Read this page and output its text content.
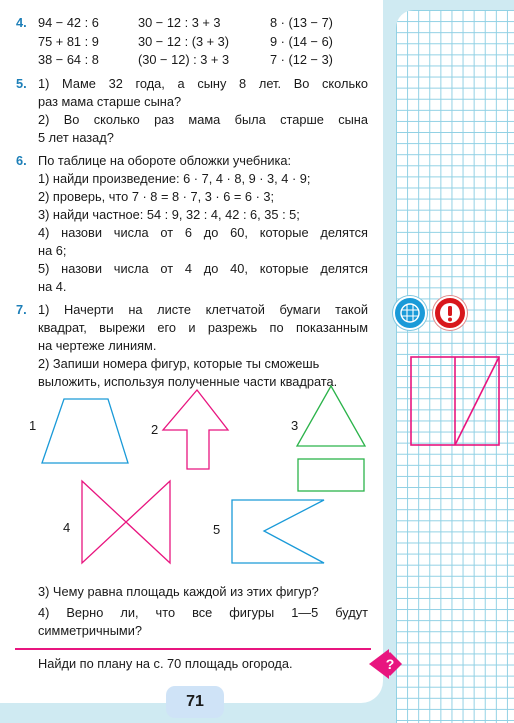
4. 94 − 42 : 6	30 − 12 : 3 + 3	8 · (13 − 7)
75 + 81 : 9	30 − 12 : (3 + 3)	9 · (14 − 6)
38 − 64 : 8	(30 − 12) : 3 + 3	7 · (12 − 3)
5. 1) Маме 32 года, а сыну 8 лет. Во сколько
раз мама старше сына?
2) Во сколько раз мама была старше сына
5 лет назад?
6. По таблице на обороте обложки учебника:
1) найди произведение: 6 · 7, 4 · 8, 9 · 3, 4 · 9;
2) проверь, что 7 · 8 = 8 · 7, 3 · 6 = 6 · 3;
3) найди частное: 54 : 9, 32 : 4, 42 : 6, 35 : 5;
4) назови числа от 6 до 60, которые делятся
на 6;
5) назови числа от 4 до 40, которые делятся
на 4.
7. 1) Начерти на листе клетчатой бумаги такой
квадрат, вырежи его и разрежь по показанным
на чертеже линиям.
2) Запиши номера фигур, которые ты сможешь
выложить, используя полученные части квадрата.
1	2	3
4	5
3) Чему равна площадь каждой из этих фигур?
4) Верно ли, что все фигуры 1—5 будут
симметричными?
Найди по плану на с. 70 площадь огорода.	?
71
